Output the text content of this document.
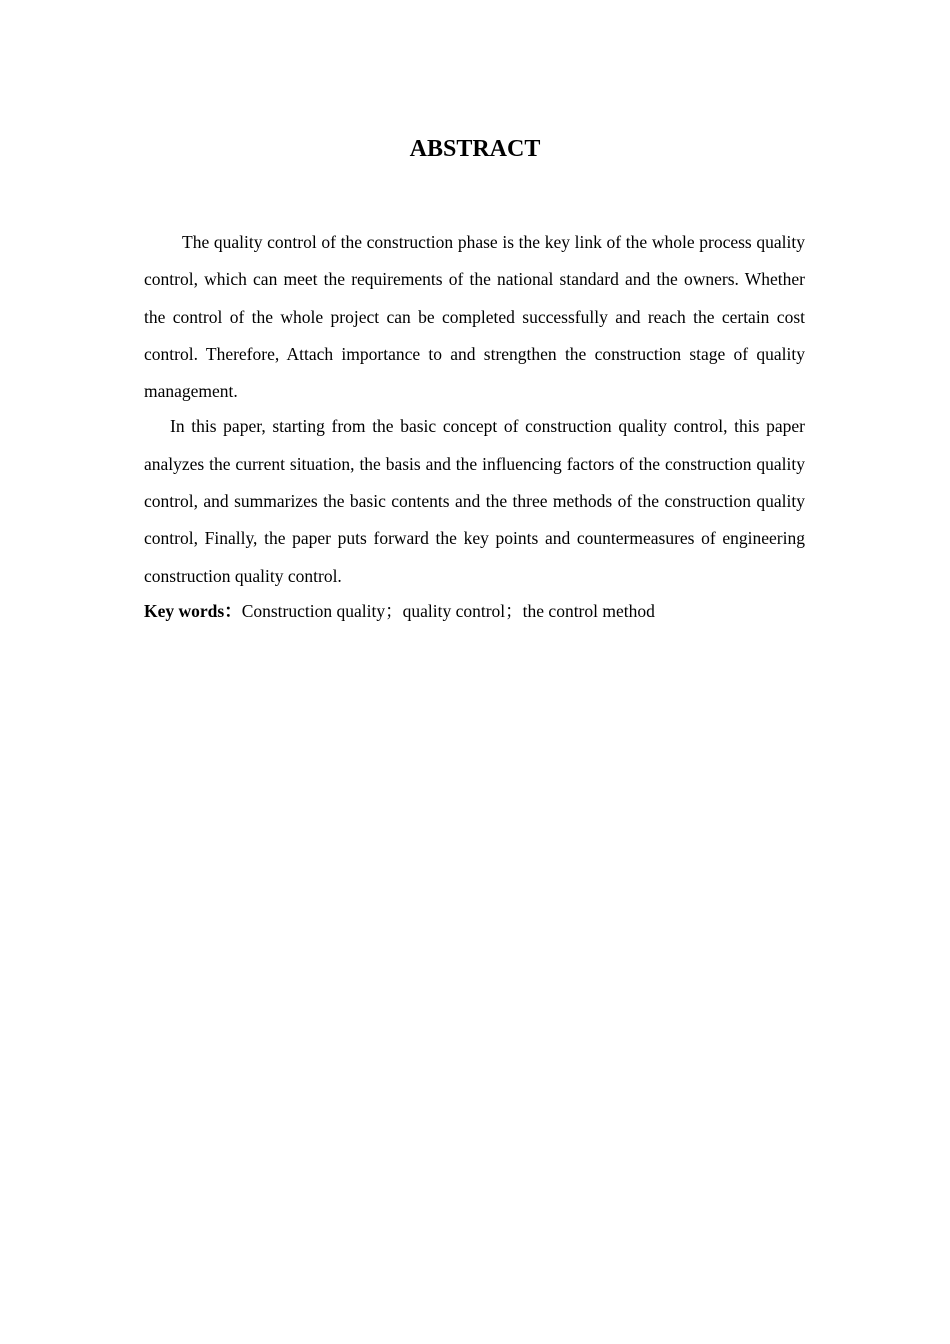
ABSTRACT

The quality control of the construction phase is the key link of the whole process quality control, which can meet the requirements of the national standard and the owners. Whether the control of the whole project can be completed successfully and reach the certain cost control. Therefore, Attach importance to and strengthen the construction stage of quality management.

In this paper, starting from the basic concept of construction quality control, this paper analyzes the current situation, the basis and the influencing factors of the construction quality control, and summarizes the basic contents and the three methods of the construction quality control, Finally, the paper puts forward the key points and countermeasures of engineering construction quality control.

Key words：Construction quality；quality control；the control method
